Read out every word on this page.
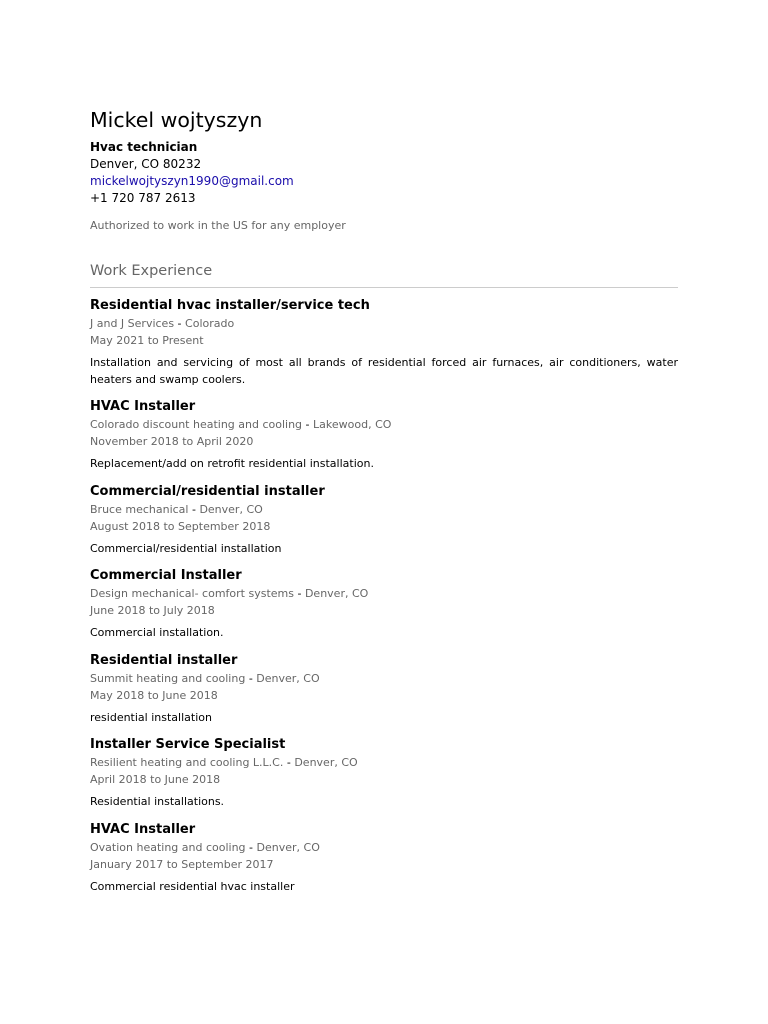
Mickel wojtyszyn
Hvac technician
Denver, CO 80232
mickelwojtyszyn1990@gmail.com
+1 720 787 2613
Authorized to work in the US for any employer
Work Experience
Residential hvac installer/service tech
J and J Services - Colorado
May 2021 to Present
Installation and servicing of most all brands of residential forced air furnaces, air conditioners, water heaters and swamp coolers.
HVAC Installer
Colorado discount heating and cooling - Lakewood, CO
November 2018 to April 2020
Replacement/add on retrofit residential installation.
Commercial/residential installer
Bruce mechanical - Denver, CO
August 2018 to September 2018
Commercial/residential installation
Commercial Installer
Design mechanical- comfort systems - Denver, CO
June 2018 to July 2018
Commercial installation.
Residential installer
Summit heating and cooling - Denver, CO
May 2018 to June 2018
residential installation
Installer Service Specialist
Resilient heating and cooling L.L.C. - Denver, CO
April 2018 to June 2018
Residential installations.
HVAC Installer
Ovation heating and cooling - Denver, CO
January 2017 to September 2017
Commercial residential hvac installer
